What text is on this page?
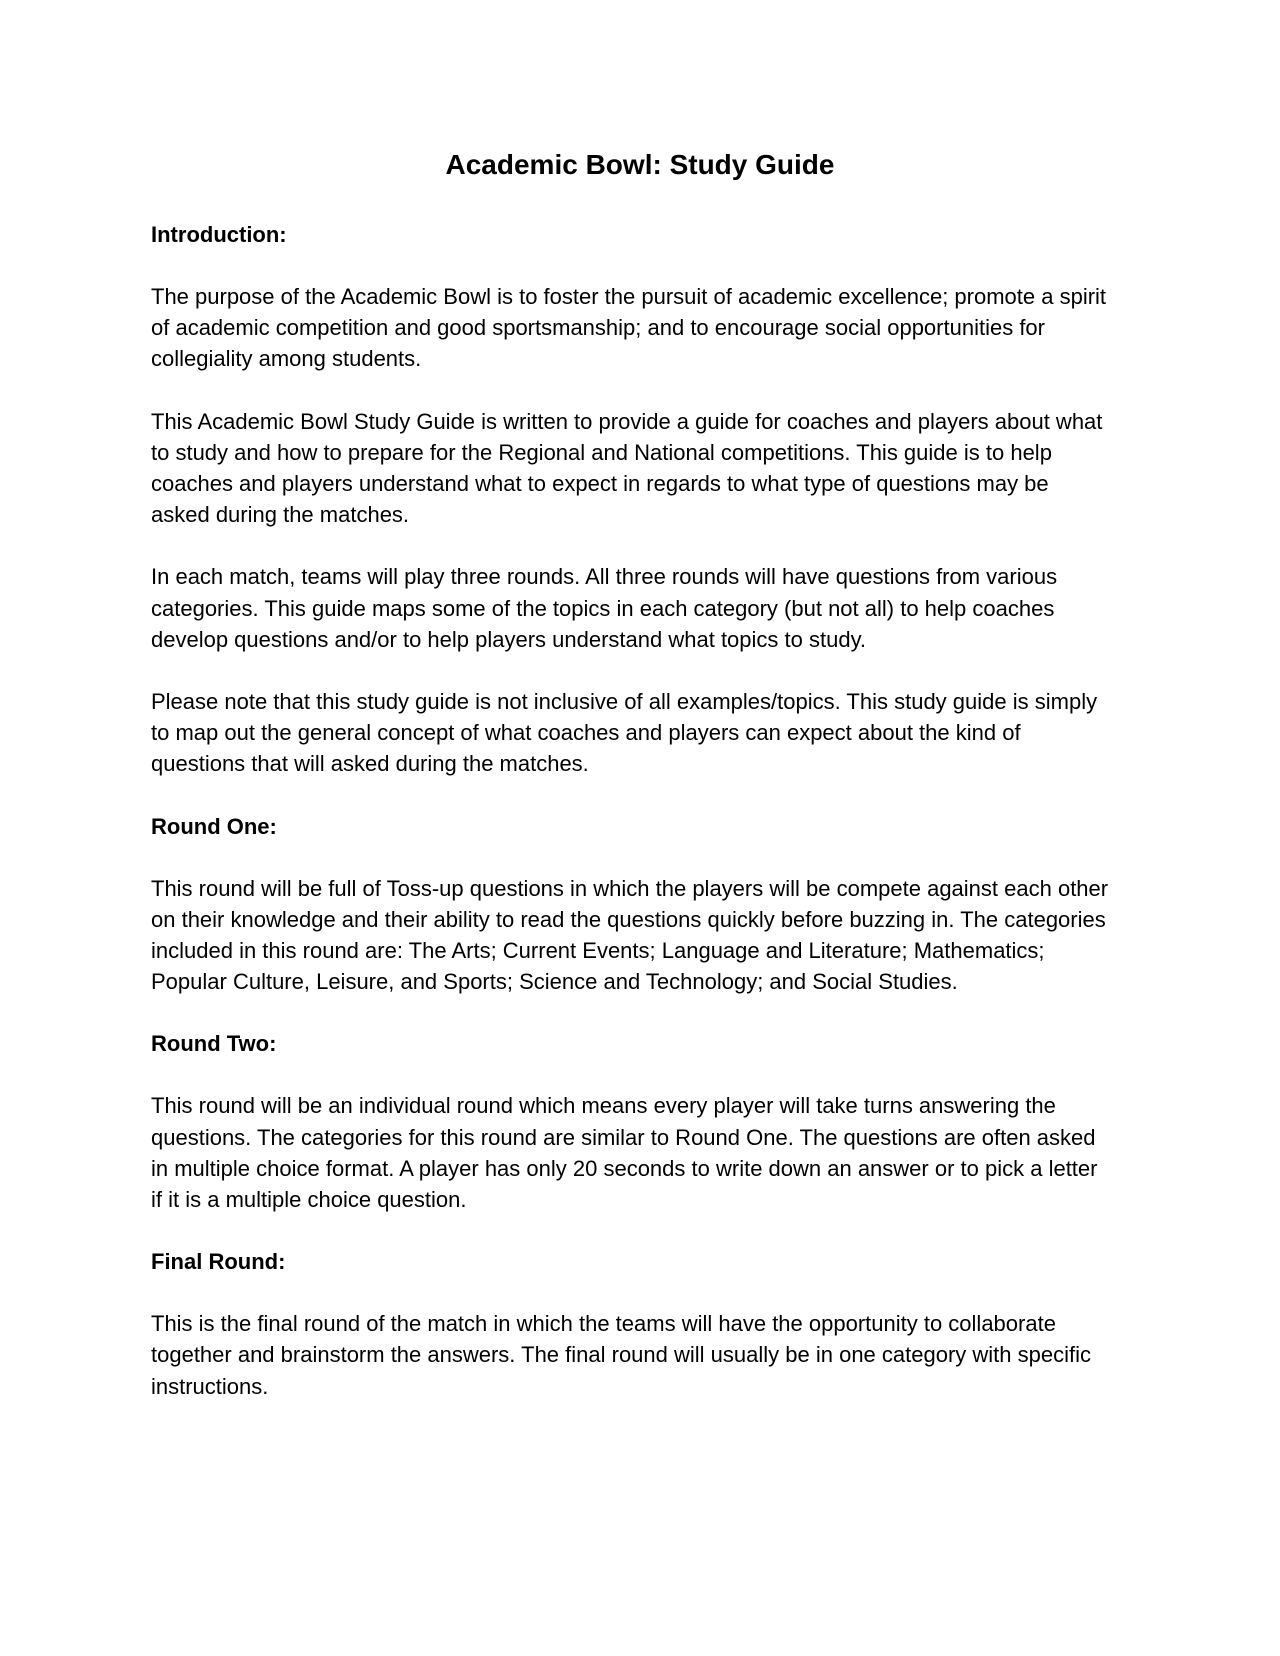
Academic Bowl: Study Guide
Introduction:

The purpose of the Academic Bowl is to foster the pursuit of academic excellence; promote a spirit of academic competition and good sportsmanship; and to encourage social opportunities for collegiality among students.

This Academic Bowl Study Guide is written to provide a guide for coaches and players about what to study and how to prepare for the Regional and National competitions. This guide is to help coaches and players understand what to expect in regards to what type of questions may be asked during the matches.

In each match, teams will play three rounds. All three rounds will have questions from various categories. This guide maps some of the topics in each category (but not all) to help coaches develop questions and/or to help players understand what topics to study.

Please note that this study guide is not inclusive of all examples/topics. This study guide is simply to map out the general concept of what coaches and players can expect about the kind of questions that will asked during the matches.

Round One:

This round will be full of Toss-up questions in which the players will be compete against each other on their knowledge and their ability to read the questions quickly before buzzing in. The categories included in this round are: The Arts; Current Events; Language and Literature; Mathematics; Popular Culture, Leisure, and Sports; Science and Technology; and Social Studies.

Round Two:

This round will be an individual round which means every player will take turns answering the questions. The categories for this round are similar to Round One. The questions are often asked in multiple choice format. A player has only 20 seconds to write down an answer or to pick a letter if it is a multiple choice question.

Final Round:

This is the final round of the match in which the teams will have the opportunity to collaborate together and brainstorm the answers. The final round will usually be in one category with specific instructions.
